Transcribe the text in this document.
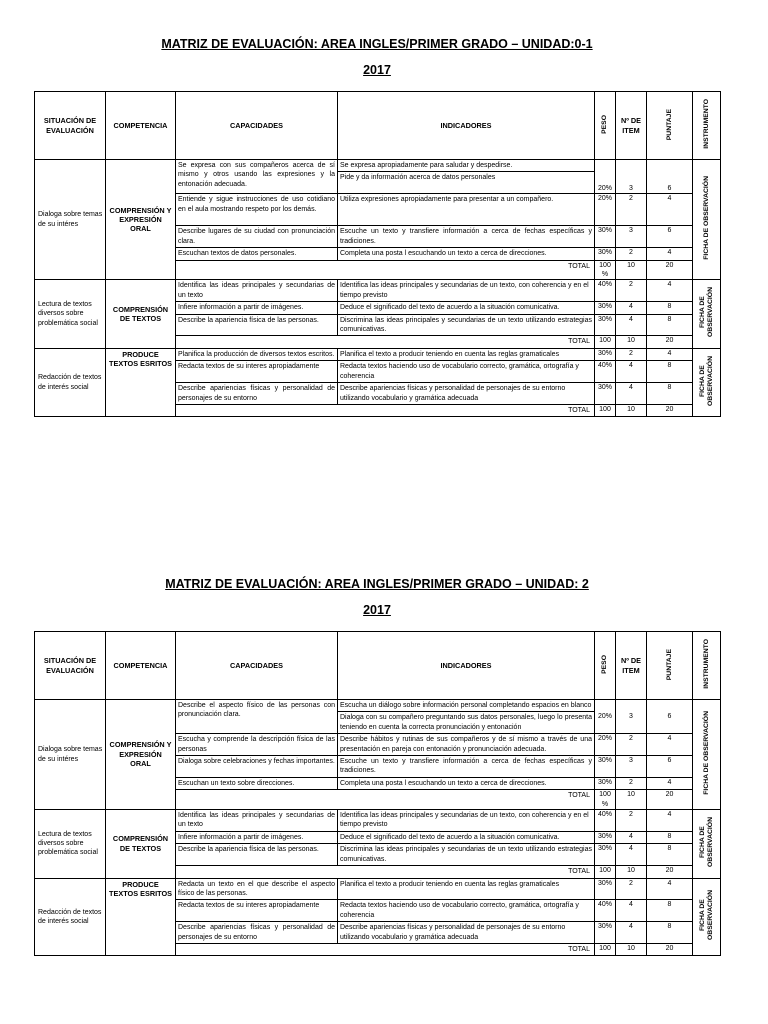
MATRIZ DE EVALUACIÓN: AREA INGLES/PRIMER GRADO – UNIDAD:0-1

2017

SITUACIÓN DE EVALUACIÓN	COMPETENCIA	CAPACIDADES	INDICADORES	PESO	Nº DE ITEM	PUNTAJE	INSTRUMENTO
Dialoga sobre temas de su intéres	COMPRENSIÓN Y EXPRESIÓN ORAL	Se expresa con sus compañeros acerca de sí mismo y otros usando las expresiones y la entonación adecuada.	Se expresa apropiadamente para saludar y despedirse.	20%	3	6	FICHA DE OBSERVACIÓN
			Pide y da información acerca de datos personales				
		Entiende y sigue instrucciones de uso cotidiano en el aula mostrando respeto por los demás.	Utiliza expresiones apropiadamente para presentar a un compañero.	20%	2	4	
		Describe lugares de su ciudad con pronunciación clara.	Escuche un texto y transfiere información a cerca de fechas específicas y tradiciones.	30%	3	6	
		Escuchan textos de datos personales.	Completa una posta l escuchando un texto a cerca de direcciones.	30%	2	4	
		TOTAL		100 %	10	20	
Lectura de textos diversos sobre problemática social	COMPRENSIÓN DE TEXTOS	Identifica las ideas principales y secundarias de un texto	Identifica las ideas principales y secundarias de un texto, con coherencia y en el tiempo previsto	40%	2	4	FICHA DE OBSERVACIÓN
		Infiere información a partir de imágenes.	Deduce el significado del texto de acuerdo a la situación comunicativa.	30%	4	8	
		Describe la apariencia física de las personas.	Discrimina las ideas principales y secundarias de un texto utilizando estrategias comunicativas.	30%	4	8	
		TOTAL		100	10	20	
Redacción de textos de interés social	PRODUCE TEXTOS ESRITOS	Planifica la producción de diversos textos escritos.	Planifica el texto a producir teniendo en cuenta las reglas gramaticales	30%	2	4	FICHA DE OBSERVACIÓN
		Redacta textos de su interes apropiadamente	Redacta textos haciendo uso de vocabulario correcto, gramática, ortografía y coherencia	40%	4	8	
		Describe apariencias físicas y personalidad de personajes de su entorno	Describe apariencias físicas y personalidad de personajes de su entorno utilizando vocabulario y gramática adecuada	30%	4	8	
		TOTAL		100	10	20	

MATRIZ DE EVALUACIÓN: AREA INGLES/PRIMER GRADO – UNIDAD: 2

2017

SITUACIÓN DE EVALUACIÓN	COMPETENCIA	CAPACIDADES	INDICADORES	PESO	Nº DE ITEM	PUNTAJE	INSTRUMENTO
Dialoga sobre temas de su intéres	COMPRENSIÓN Y EXPRESIÓN ORAL	Describe el aspecto físico de las personas con pronunciación clara.	Escucha un diálogo sobre información personal completando espacios en blanco	20%	3	6	FICHA DE OBSERVACIÓN
			Dialoga con su compañero preguntando sus datos personales, luego lo presenta teniendo en cuenta la correcta pronunciación y entonación				
		Escucha y comprende la descripción física de las personas	Describe hábitos y rutinas de sus compañeros y de sí mismo a través de una presentación en pareja con entonación y pronunciación adecuada.	20%	2	4	
		Dialoga sobre celebraciones y fechas importantes.	Escuche un texto y transfiere información a cerca de fechas específicas y tradiciones.	30%	3	6	
		Escuchan un texto sobre direcciones.	Completa una posta l escuchando un texto a cerca de direcciones.	30%	2	4	
		TOTAL		100 %	10	20	
Lectura de textos diversos sobre problemática social	COMPRENSIÓN DE TEXTOS	Identifica las ideas principales y secundarias de un texto	Identifica las ideas principales y secundarias de un texto, con coherencia y en el tiempo previsto	40%	2	4	FICHA DE OBSERVACIÓN
		Infiere información a partir de imágenes.	Deduce el significado del texto de acuerdo a la situación comunicativa.	30%	4	8	
		Describe la apariencia física de las personas.	Discrimina las ideas principales y secundarias de un texto utilizando estrategias comunicativas.	30%	4	8	
		TOTAL		100	10	20	
Redacción de textos de interés social	PRODUCE TEXTOS ESRITOS	Redacta un texto en el que describe el aspecto físico de las personas.	Planifica el texto a producir teniendo en cuenta las reglas gramaticales	30%	2	4	FICHA DE OBSERVACIÓN
		Redacta textos de su interes apropiadamente	Redacta textos haciendo uso de vocabulario correcto, gramática, ortografía y coherencia	40%	4	8	
		Describe apariencias físicas y personalidad de personajes de su entorno	Describe apariencias físicas y personalidad de personajes de su entorno utilizando vocabulario y gramática adecuada	30%	4	8	
		TOTAL		100	10	20	
